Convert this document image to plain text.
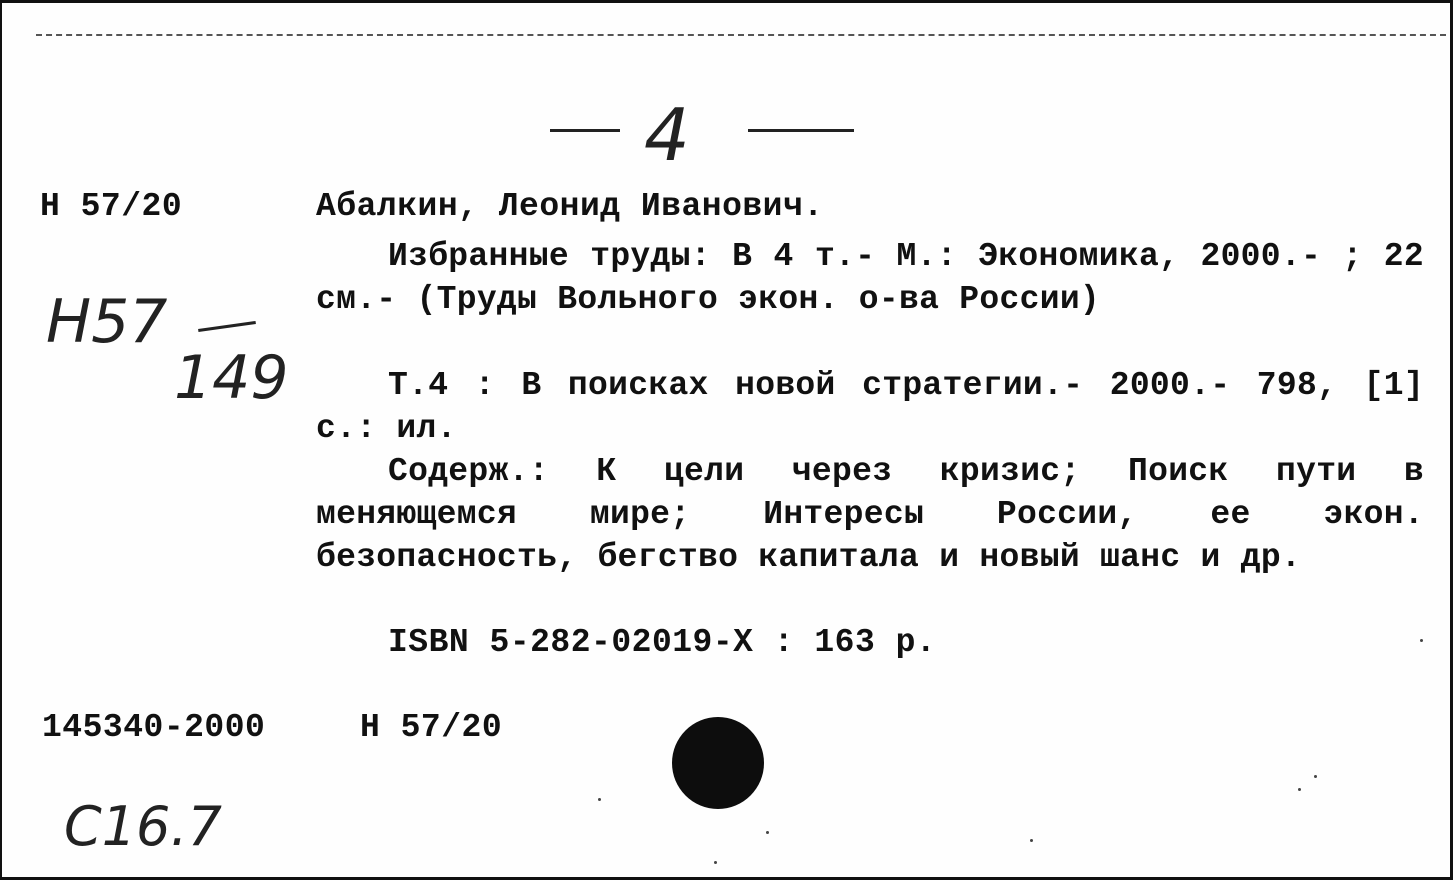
4
H 57/20
H57
149
Абалкин, Леонид Иванович.
Избранные труды: В 4 т.- М.: Экономика, 2000.- ; 22 см.- (Труды Вольного экон. о-ва России)
Т.4 : В поисках новой стратегии.- 2000.- 798, [1] с.: ил.
Содерж.: К цели через кризис; Поиск пути в меняющемся мире; Интересы России, ее экон. безопасность, бегство капитала и новый шанс и др.
ISBN 5-282-02019-X : 163 р.
145340-2000	H 57/20
С16.7
